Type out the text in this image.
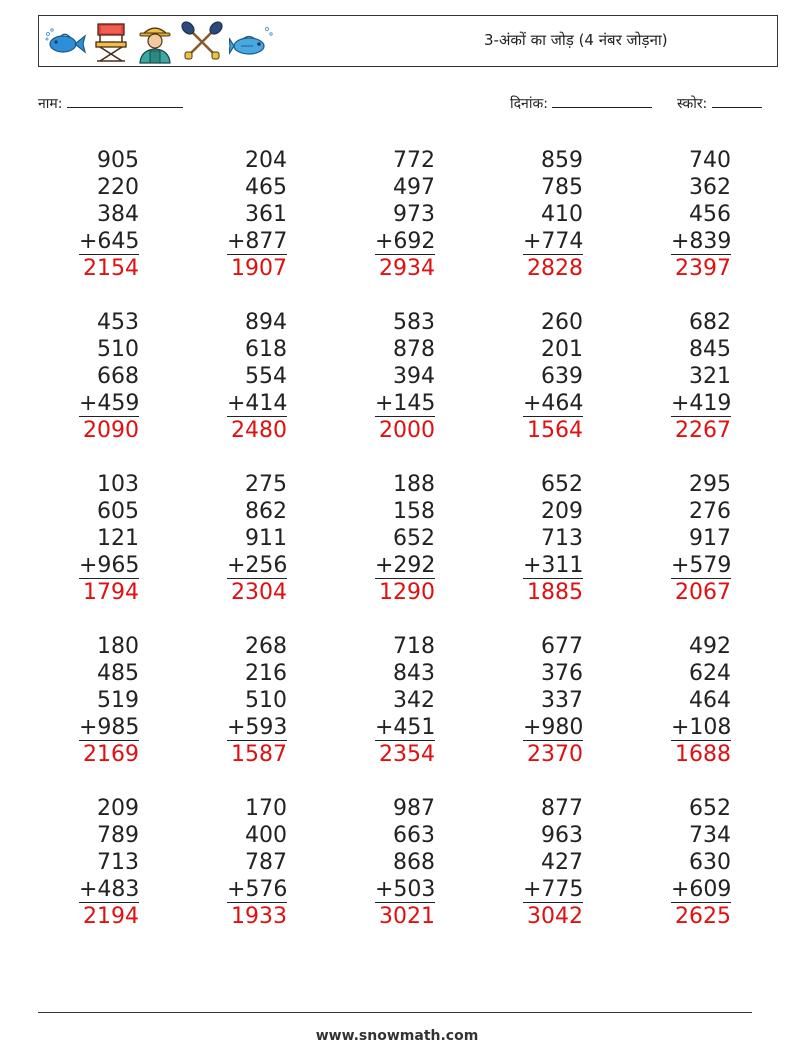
3-अंकों का जोड़ (4 नंबर जोड़ना)
नाम:	दिनांक:	स्कोर:
905
220
384
+645
2154
204
465
361
+877
1907
772
497
973
+692
2934
859
785
410
+774
2828
740
362
456
+839
2397
453
510
668
+459
2090
894
618
554
+414
2480
583
878
394
+145
2000
260
201
639
+464
1564
682
845
321
+419
2267
103
605
121
+965
1794
275
862
911
+256
2304
188
158
652
+292
1290
652
209
713
+311
1885
295
276
917
+579
2067
180
485
519
+985
2169
268
216
510
+593
1587
718
843
342
+451
2354
677
376
337
+980
2370
492
624
464
+108
1688
209
789
713
+483
2194
170
400
787
+576
1933
987
663
868
+503
3021
877
963
427
+775
3042
652
734
630
+609
2625
www.snowmath.com
